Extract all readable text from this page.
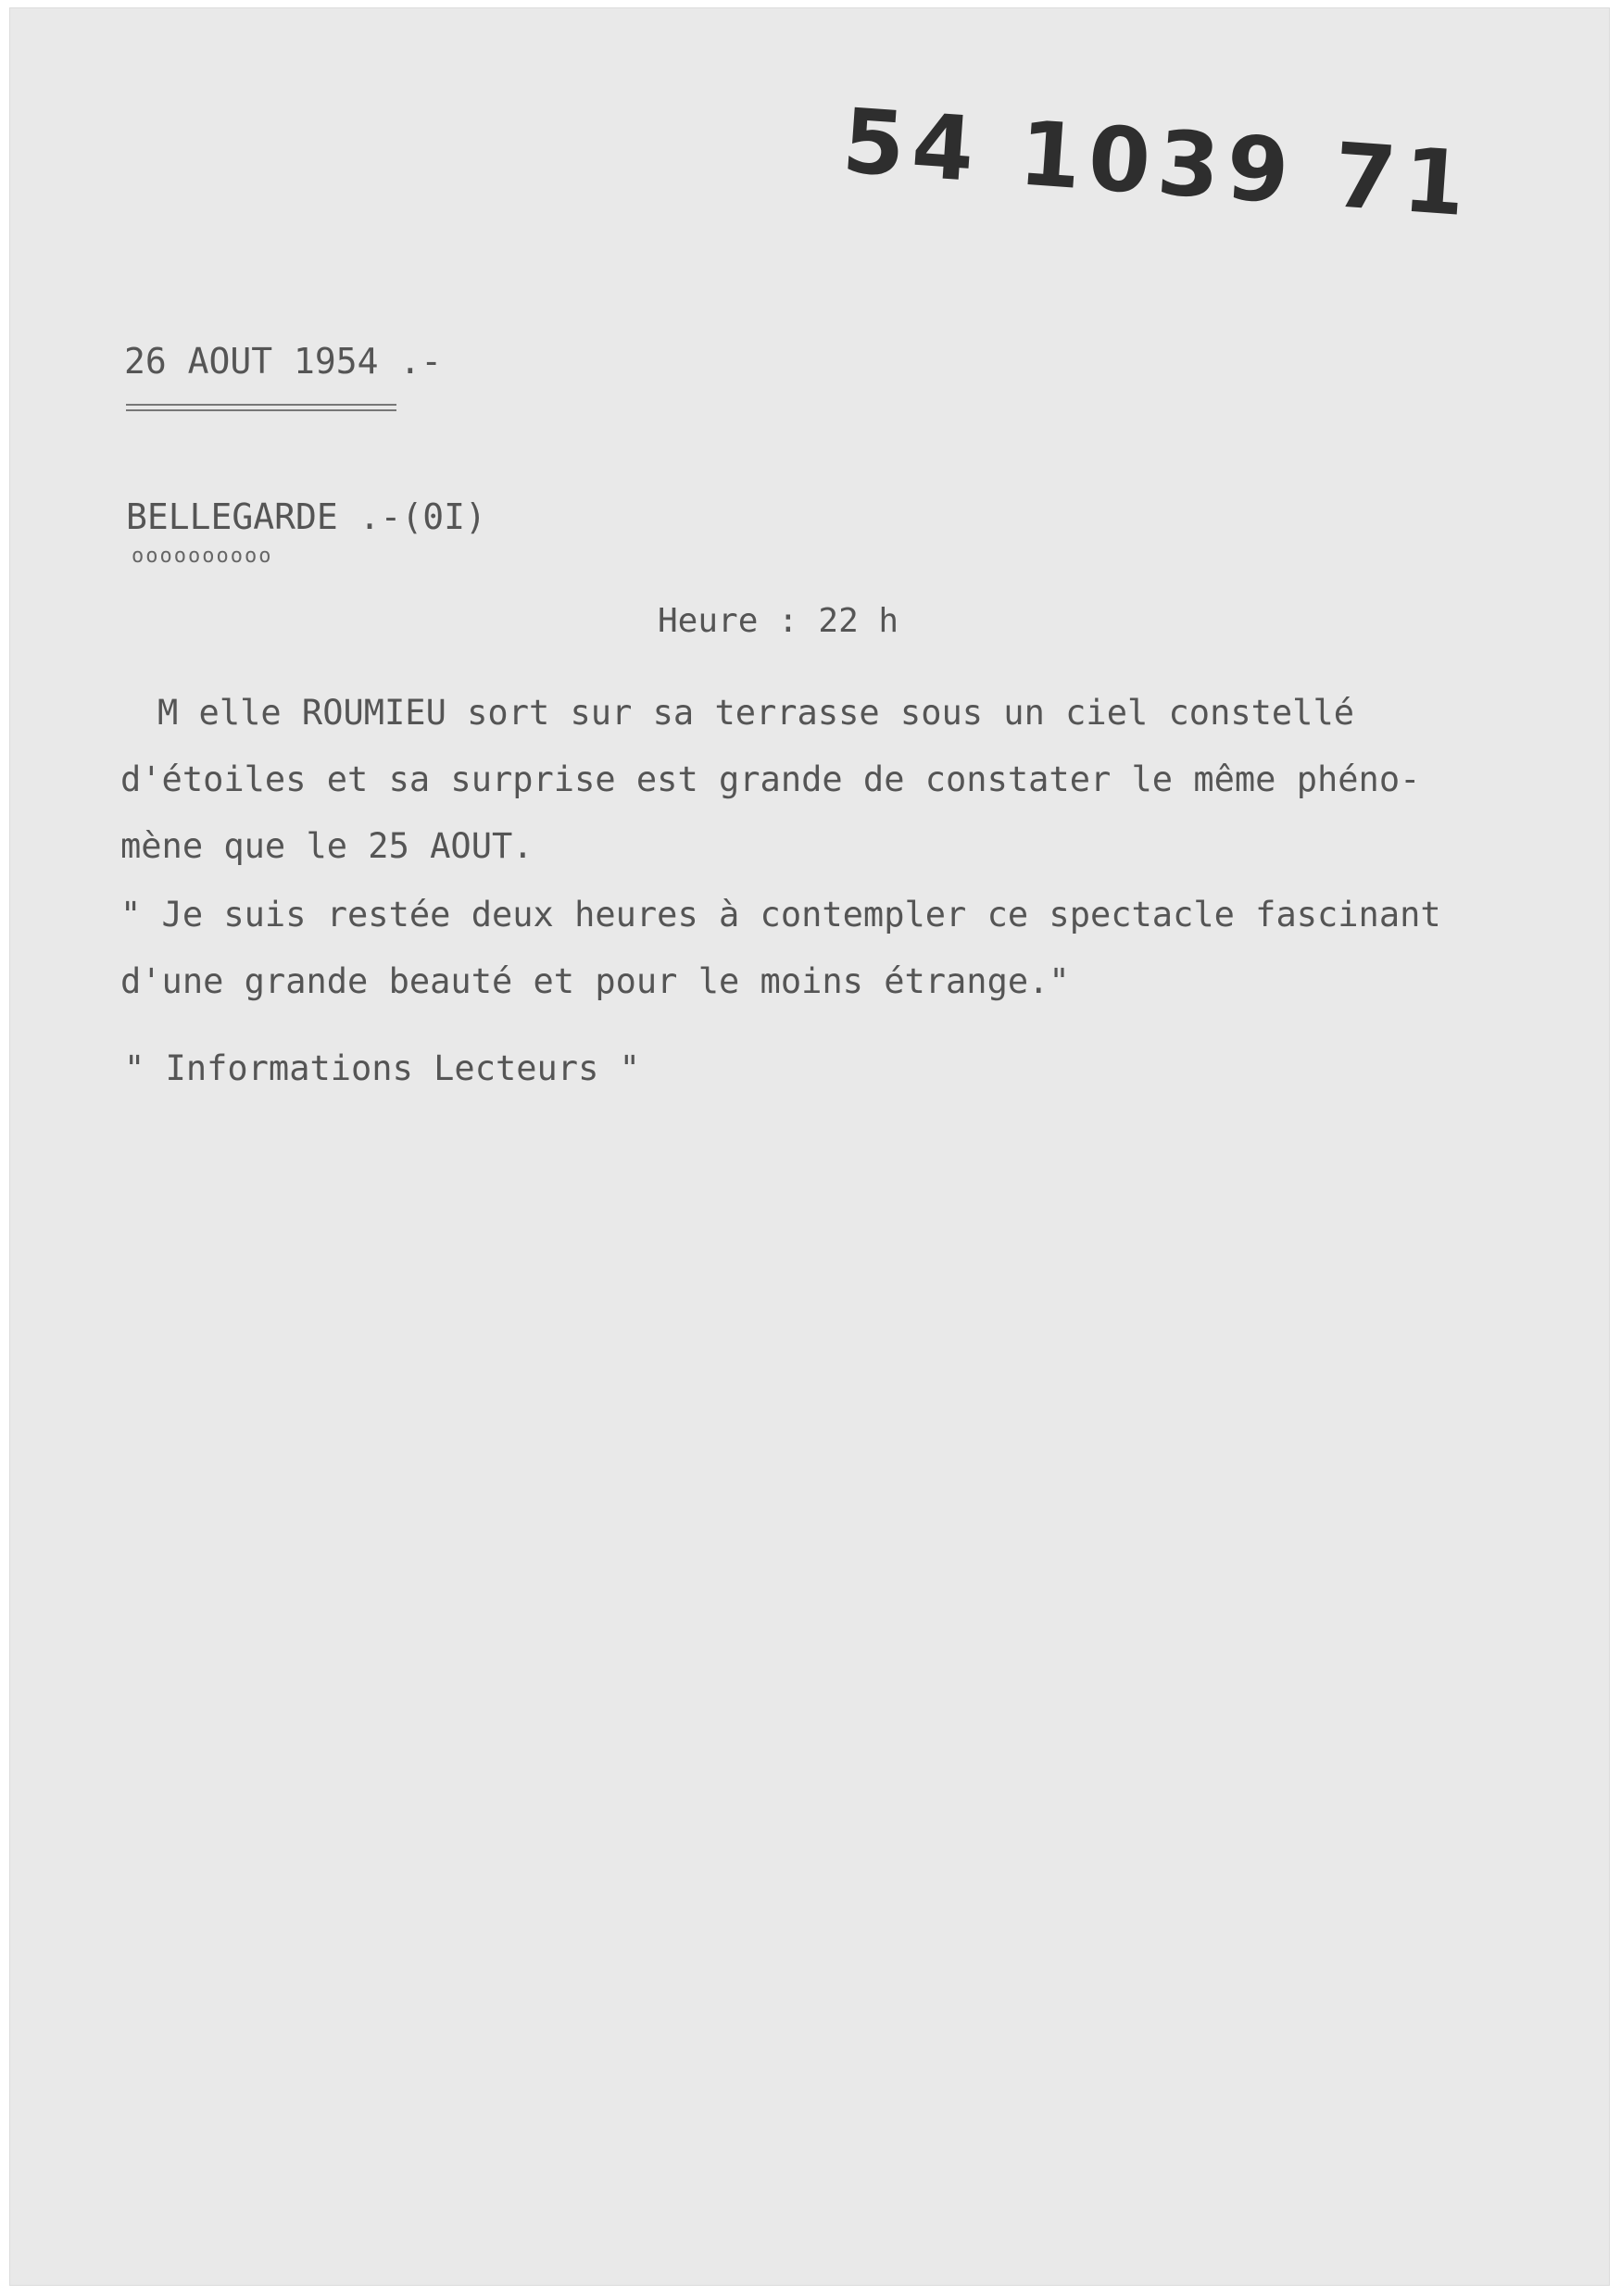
54 1039 71
26 AOUT 1954 .-
BELLEGARDE .-(0I)
oooooooooo
Heure : 22 h
M elle ROUMIEU sort sur sa terrasse sous un ciel constellé
d'étoiles et sa surprise est grande de constater le même phéno-
mène que le 25 AOUT.
" Je suis restée deux heures à contempler ce spectacle fascinant
d'une grande beauté et pour le moins étrange."
" Informations Lecteurs "
